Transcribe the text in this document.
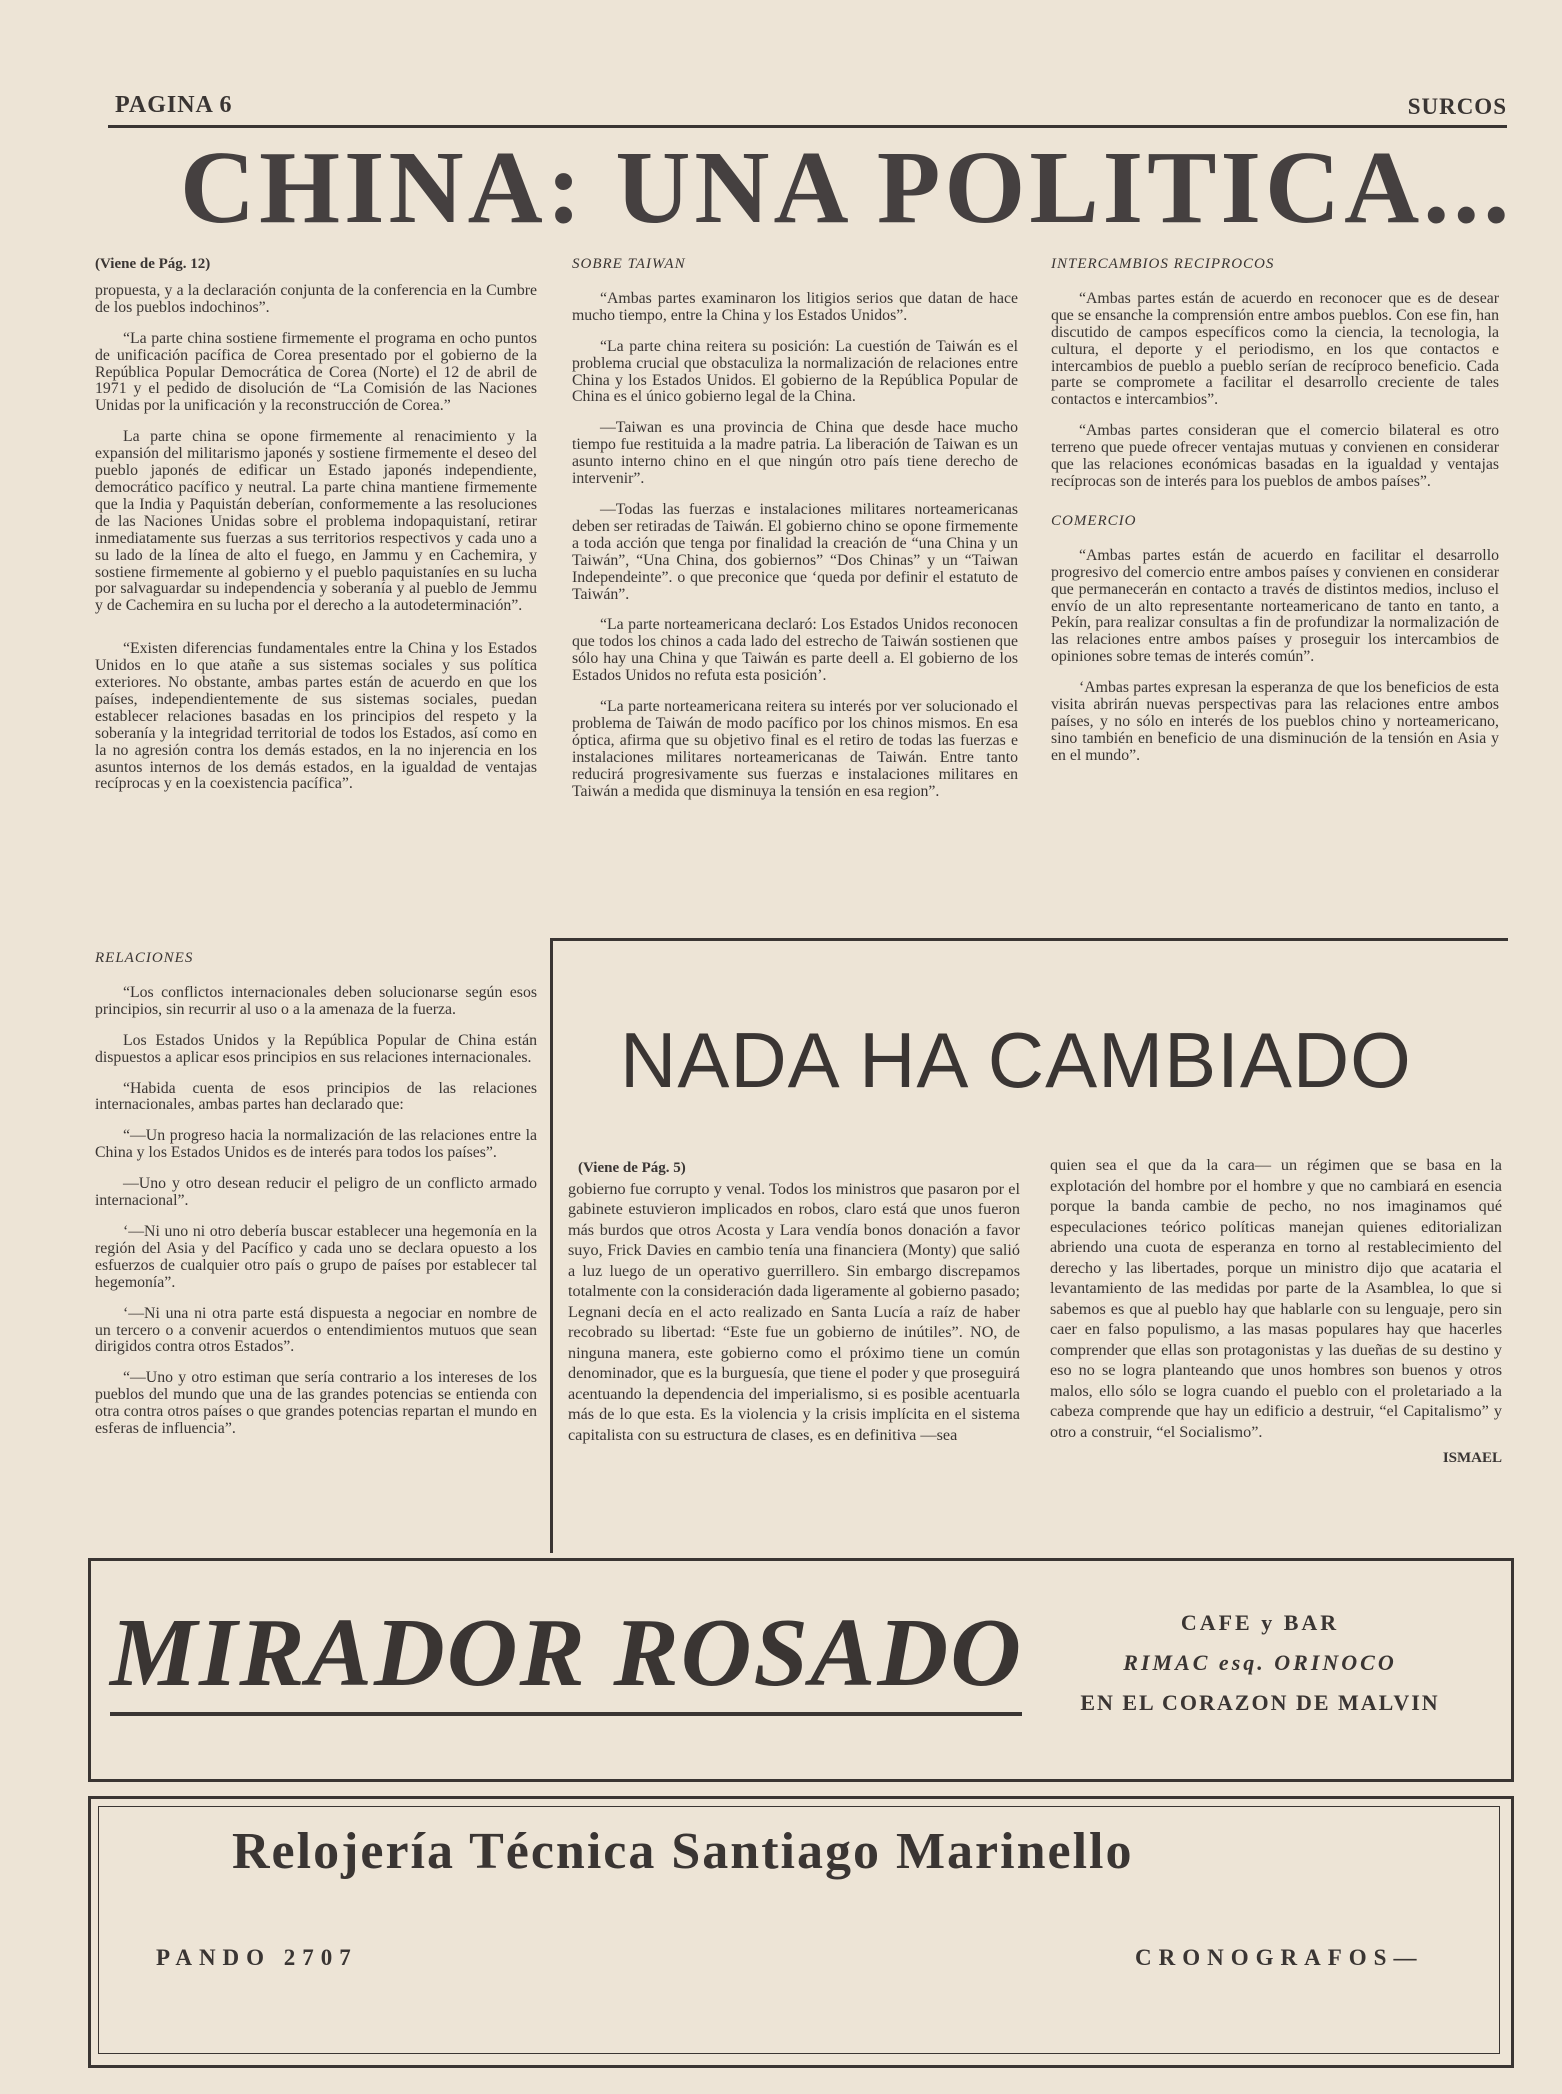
PAGINA 6	SURCOS
CHINA: UNA POLITICA...
(Viene de Pág. 12)

propuesta, y a la declaración conjunta de la conferencia en la Cumbre de los pueblos indochinos”.

“La parte china sostiene firmemente el programa en ocho puntos de unificación pacífica de Corea presentado por el gobierno de la República Popular Democrática de Corea (Norte) el 12 de abril de 1971 y el pedido de disolución de “La Comisión de las Naciones Unidas por la unificación y la reconstrucción de Corea.”

La parte china se opone firmemente al renacimiento y la expansión del militarismo japonés y sostiene firmemente el deseo del pueblo japonés de edificar un Estado japonés independiente, democrático pacífico y neutral. La parte china mantiene firmemente que la India y Paquistán deberían, conformemente a las resoluciones de las Naciones Unidas sobre el problema indopaquistaní, retirar inmediatamente sus fuerzas a sus territorios respectivos y cada uno a su lado de la línea de alto el fuego, en Jammu y en Cachemira, y sostiene firmemente al gobierno y el pueblo paquistaníes en su lucha por salvaguardar su independencia y soberanía y al pueblo de Jemmu y de Cachemira en su lucha por el derecho a la autodeterminación”.

“Existen diferencias fundamentales entre la China y los Estados Unidos en lo que atañe a sus sistemas sociales y sus política exteriores. No obstante, ambas partes están de acuerdo en que los países, independientemente de sus sistemas sociales, puedan establecer relaciones basadas en los principios del respeto y la soberanía y la integridad territorial de todos los Estados, así como en la no agresión contra los demás estados, en la no injerencia en los asuntos internos de los demás estados, en la igualdad de ventajas recíprocas y en la coexistencia pacífica”.

SOBRE TAIWAN

“Ambas partes examinaron los litigios serios que datan de hace mucho tiempo, entre la China y los Estados Unidos”.

“La parte china reitera su posición: La cuestión de Taiwán es el problema crucial que obstaculiza la normalización de relaciones entre China y los Estados Unidos. El gobierno de la República Popular de China es el único gobierno legal de la China.

—Taiwan es una provincia de China que desde hace mucho tiempo fue restituida a la madre patria. La liberación de Taiwan es un asunto interno chino en el que ningún otro país tiene derecho de intervenir”.

—Todas las fuerzas e instalaciones militares norteamericanas deben ser retiradas de Taiwán. El gobierno chino se opone firmemente a toda acción que tenga por finalidad la creación de “una China y un Taiwán”, “Una China, dos gobiernos” “Dos Chinas” y un “Taiwan Independeinte”. o que preconice que ‘queda por definir el estatuto de Taiwán”.

“La parte norteamericana declaró: Los Estados Unidos reconocen que todos los chinos a cada lado del estrecho de Taiwán sostienen que sólo hay una China y que Taiwán es parte deell a. El gobierno de los Estados Unidos no refuta esta posición’.

“La parte norteamericana reitera su interés por ver solucionado el problema de Taiwán de modo pacífico por los chinos mismos. En esa óptica, afirma que su objetivo final es el retiro de todas las fuerzas e instalaciones militares norteamericanas de Taiwán. Entre tanto reducirá progresivamente sus fuerzas e instalaciones militares en Taiwán a medida que disminuya la tensión en esa region”.

INTERCAMBIOS RECIPROCOS

“Ambas partes están de acuerdo en reconocer que es de desear que se ensanche la comprensión entre ambos pueblos. Con ese fin, han discutido de campos específicos como la ciencia, la tecnologia, la cultura, el deporte y el periodismo, en los que contactos e intercambios de pueblo a pueblo serían de recíproco beneficio. Cada parte se compromete a facilitar el desarrollo creciente de tales contactos e intercambios”.

“Ambas partes consideran que el comercio bilateral es otro terreno que puede ofrecer ventajas mutuas y convienen en considerar que las relaciones económicas basadas en la igualdad y ventajas recíprocas son de interés para los pueblos de ambos países”.

COMERCIO

“Ambas partes están de acuerdo en facilitar el desarrollo progresivo del comercio entre ambos países y convienen en considerar que permanecerán en contacto a través de distintos medios, incluso el envío de un alto representante norteamericano de tanto en tanto, a Pekín, para realizar consultas a fin de profundizar la normalización de las relaciones entre ambos países y proseguir los intercambios de opiniones sobre temas de interés común”.

‘Ambas partes expresan la esperanza de que los beneficios de esta visita abrirán nuevas perspectivas para las relaciones entre ambos países, y no sólo en interés de los pueblos chino y norteamericano, sino también en beneficio de una disminución de la tensión en Asia y en el mundo”.

RELACIONES

“Los conflictos internacionales deben solucionarse según esos principios, sin recurrir al uso o a la amenaza de la fuerza.

Los Estados Unidos y la República Popular de China están dispuestos a aplicar esos principios en sus relaciones internacionales.

“Habida cuenta de esos principios de las relaciones internacionales, ambas partes han declarado que:

“—Un progreso hacia la normalización de las relaciones entre la China y los Estados Unidos es de interés para todos los países”.

—Uno y otro desean reducir el peligro de un conflicto armado internacional”.

‘—Ni uno ni otro debería buscar establecer una hegemonía en la región del Asia y del Pacífico y cada uno se declara opuesto a los esfuerzos de cualquier otro país o grupo de países por establecer tal hegemonía”.

‘—Ni una ni otra parte está dispuesta a negociar en nombre de un tercero o a convenir acuerdos o entendimientos mutuos que sean dirigidos contra otros Estados”.

“—Uno y otro estiman que sería contrario a los intereses de los pueblos del mundo que una de las grandes potencias se entienda con otra contra otros países o que grandes potencias repartan el mundo en esferas de influencia”.

NADA HA CAMBIADO
(Viene de Pág. 5)

gobierno fue corrupto y venal. Todos los ministros que pasaron por el gabinete estuvieron implicados en robos, claro está que unos fueron más burdos que otros Acosta y Lara vendía bonos donación a favor suyo, Frick Davies en cambio tenía una financiera (Monty) que salió a luz luego de un operativo guerrillero. Sin embargo discrepamos totalmente con la consideración dada ligeramente al gobierno pasado; Legnani decía en el acto realizado en Santa Lucía a raíz de haber recobrado su libertad: “Este fue un gobierno de inútiles”. NO, de ninguna manera, este gobierno como el próximo tiene un común denominador, que es la burguesía, que tiene el poder y que proseguirá acentuando la dependencia del imperialismo, si es posible acentuarla más de lo que esta. Es la violencia y la crisis implícita en el sistema capitalista con su estructura de clases, es en definitiva —sea

quien sea el que da la cara— un régimen que se basa en la explotación del hombre por el hombre y que no cambiará en esencia porque la banda cambie de pecho, no nos imaginamos qué especulaciones teórico políticas manejan quienes editorializan abriendo una cuota de esperanza en torno al restablecimiento del derecho y las libertades, porque un ministro dijo que acataria el levantamiento de las medidas por parte de la Asamblea, lo que si sabemos es que al pueblo hay que hablarle con su lenguaje, pero sin caer en falso populismo, a las masas populares hay que hacerles comprender que ellas son protagonistas y las dueñas de su destino y eso no se logra planteando que unos hombres son buenos y otros malos, ello sólo se logra cuando el pueblo con el proletariado a la cabeza comprende que hay un edificio a destruir, “el Capitalismo” y otro a construir, “el Socialismo”.

ISMAEL
MIRADOR ROSADO	CAFE y BAR
RIMAC esq. ORINOCO
EN EL CORAZON DE MALVIN
Relojería Técnica Santiago Marinello
PANDO 2707	CRONOGRAFOS—
